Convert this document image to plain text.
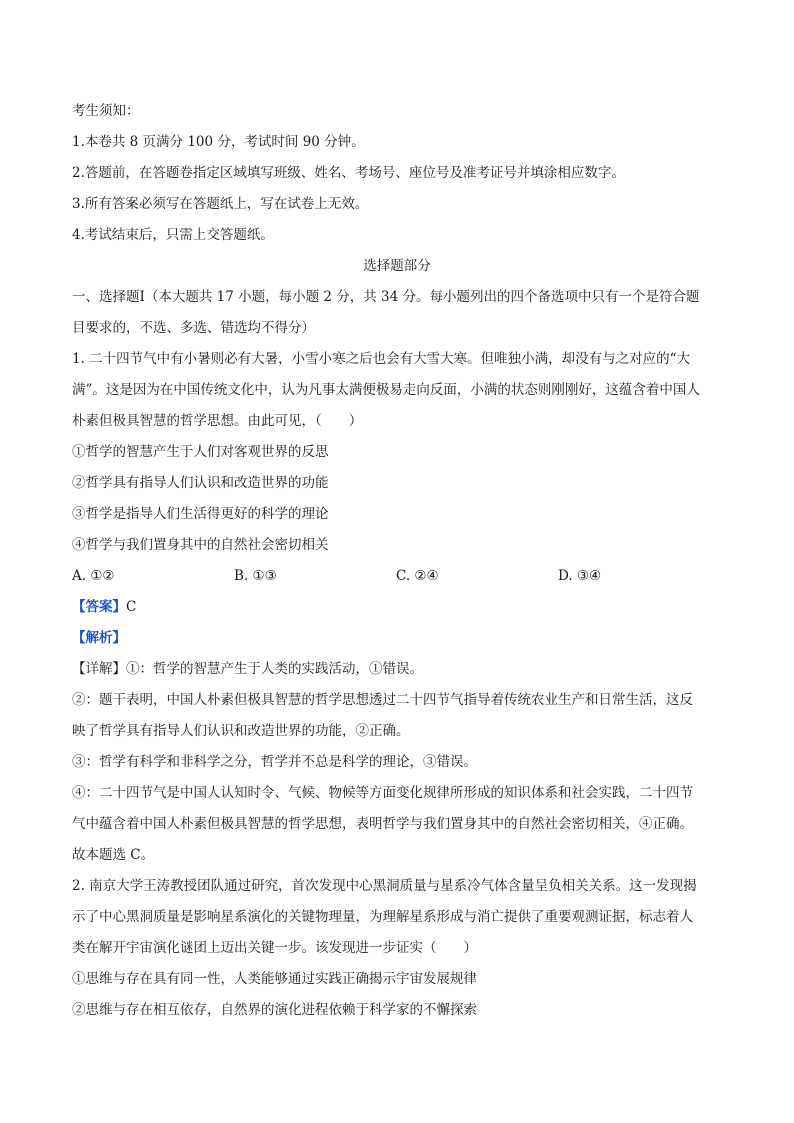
考生须知：
1.本卷共 8 页满分 100 分，考试时间 90 分钟。
2.答题前，在答题卷指定区域填写班级、姓名、考场号、座位号及准考证号并填涂相应数字。
3.所有答案必须写在答题纸上，写在试卷上无效。
4.考试结束后，只需上交答题纸。
选择题部分
一、选择题Ⅰ（本大题共 17 小题，每小题 2 分，共 34 分。每小题列出的四个备选项中只有一个是符合题
目要求的，不选、多选、错选均不得分）
1. 二十四节气中有小暑则必有大暑，小雪小寒之后也会有大雪大寒。但唯独小满，却没有与之对应的“大
满”。这是因为在中国传统文化中，认为凡事太满便极易走向反面，小满的状态则刚刚好，这蕴含着中国人
朴素但极具智慧的哲学思想。由此可见，（　　）
①哲学的智慧产生于人们对客观世界的反思
②哲学具有指导人们认识和改造世界的功能
③哲学是指导人们生活得更好的科学的理论
④哲学与我们置身其中的自然社会密切相关
A. ①②	B. ①③	C. ②④	D. ③④
【答案】C
【解析】
【详解】①：哲学的智慧产生于人类的实践活动，①错误。
②：题干表明，中国人朴素但极具智慧的哲学思想透过二十四节气指导着传统农业生产和日常生活，这反
映了哲学具有指导人们认识和改造世界的功能，②正确。
③：哲学有科学和非科学之分，哲学并不总是科学的理论，③错误。
④：二十四节气是中国人认知时令、气候、物候等方面变化规律所形成的知识体系和社会实践，二十四节
气中蕴含着中国人朴素但极具智慧的哲学思想，表明哲学与我们置身其中的自然社会密切相关，④正确。
故本题选 C。
2. 南京大学王涛教授团队通过研究，首次发现中心黑洞质量与星系冷气体含量呈负相关关系。这一发现揭
示了中心黑洞质量是影响星系演化的关键物理量，为理解星系形成与消亡提供了重要观测证据，标志着人
类在解开宇宙演化谜团上迈出关键一步。该发现进一步证实（　　）
①思维与存在具有同一性，人类能够通过实践正确揭示宇宙发展规律
②思维与存在相互依存，自然界的演化进程依赖于科学家的不懈探索
